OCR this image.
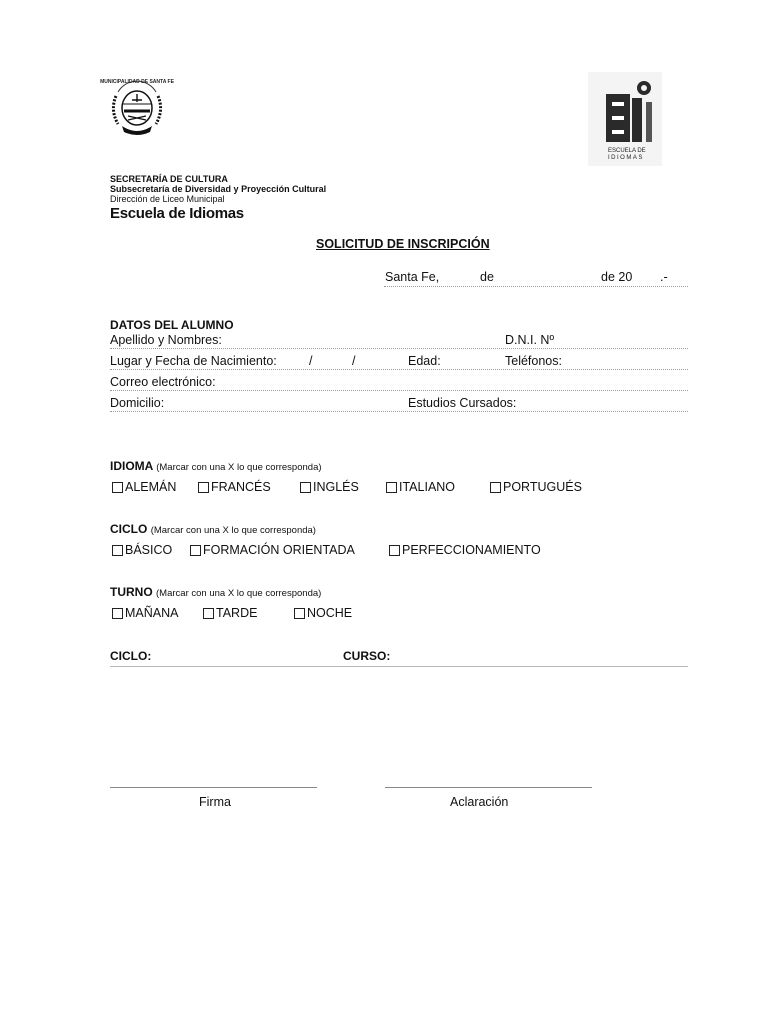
MUNICIPALIDAD DE SANTA FE
ESCUELA DE
IDIOMAS
SECRETARÍA DE CULTURA
Subsecretaría de Diversidad y Proyección Cultural
Dirección de Liceo Municipal
Escuela de Idiomas
SOLICITUD DE INSCRIPCIÓN
Santa Fe,	de	de 20 .-
DATOS DEL ALUMNO
Apellido y Nombres:	D.N.I. Nº
Lugar y Fecha de Nacimiento:	/	/	Edad:	Teléfonos:
Correo electrónico:
Domicilio:	Estudios Cursados:
IDIOMA (Marcar con una X lo que corresponda)
ALEMÁN	FRANCÉS	INGLÉS	ITALIANO	PORTUGUÉS
CICLO (Marcar con una X lo que corresponda)
BÁSICO FORMACIÓN ORIENTADA	PERFECCIONAMIENTO
TURNO (Marcar con una X lo que corresponda)
MAÑANA	TARDE	NOCHE
CICLO:	CURSO:
Firma	Aclaración
